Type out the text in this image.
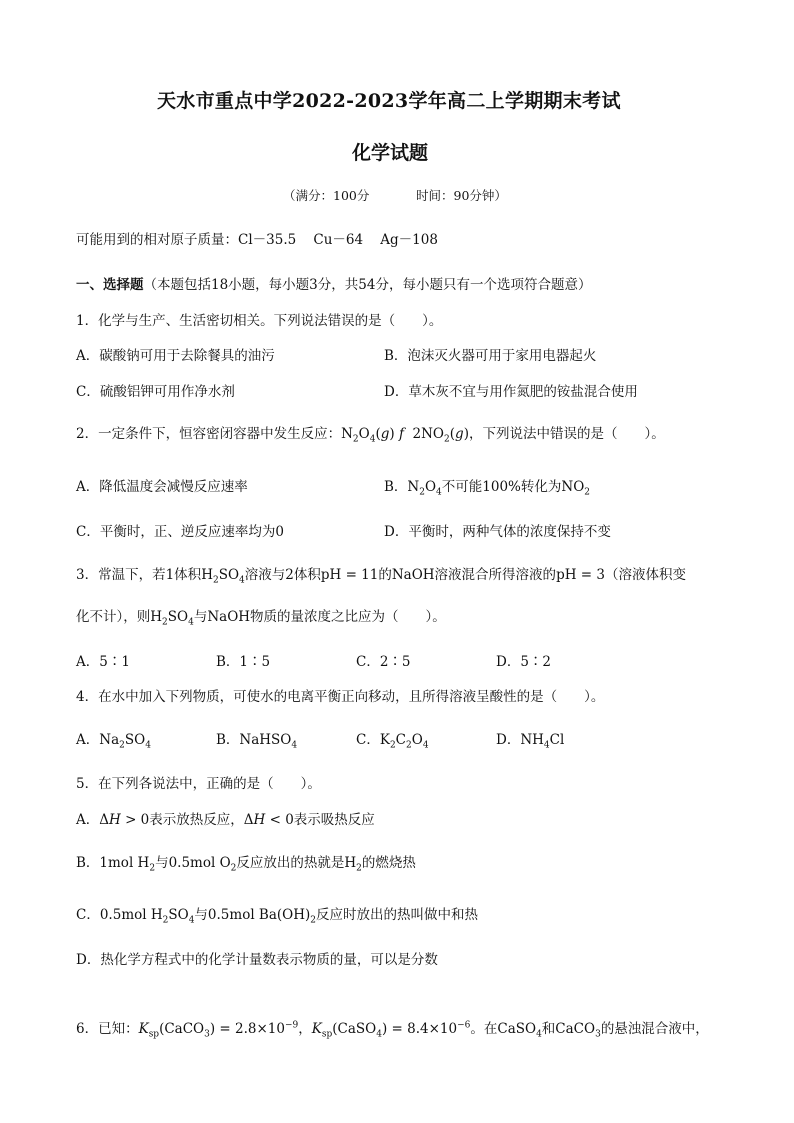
天水市重点中学2022-2023学年高二上学期期末考试
化学试题
（满分：100分	时间：90分钟）
可能用到的相对原子质量：Cl－35.5 Cu－64 Ag－108
一、选择题（本题包括18小题，每小题3分，共54分，每小题只有一个选项符合题意）
1．化学与生产、生活密切相关。下列说法错误的是（　　）。
A．碳酸钠可用于去除餐具的油污	B．泡沫灭火器可用于家用电器起火
C．硫酸铝钾可用作净水剂	D．草木灰不宜与用作氮肥的铵盐混合使用
2．一定条件下，恒容密闭容器中发生反应：$N_2O_4(g)$ f  $2NO_2(g)$，下列说法中错误的是（　　）。
A．降低温度会减慢反应速率	B．$N_2O_4$不可能100%转化为$NO_2$
C．平衡时，正、逆反应速率均为0	D．平衡时，两种气体的浓度保持不变
3．常温下，若1体积$H_2SO_4$溶液与2体积pH = 11的NaOH溶液混合所得溶液的pH = 3（溶液体积变
化不计），则$H_2SO_4$与NaOH物质的量浓度之比应为（　　）。
A．5∶1	B．1∶5	C．2∶5	D．5∶2
4．在水中加入下列物质，可使水的电离平衡正向移动，且所得溶液呈酸性的是（　　）。
A．$Na_2SO_4$	B．NaHSO$_4$	C．$K_2C_2O_4$	D．$NH_4Cl$
5．在下列各说法中，正确的是（　　）。
A．ΔH > 0表示放热反应，ΔH < 0表示吸热反应
B．1mol $H_2$与0.5mol $O_2$反应放出的热就是$H_2$的燃烧热
C．0.5mol $H_2SO_4$与0.5mol $Ba(OH)_2$反应时放出的热叫做中和热
D．热化学方程式中的化学计量数表示物质的量，可以是分数
6．已知：$K_{sp}(CaCO_3) = 2.8\times 10^{-9}$，$K_{sp}(CaSO_4) = 8.4\times 10^{-6}$。在CaSO$_4$和CaCO$_3$的悬浊混合液中，
